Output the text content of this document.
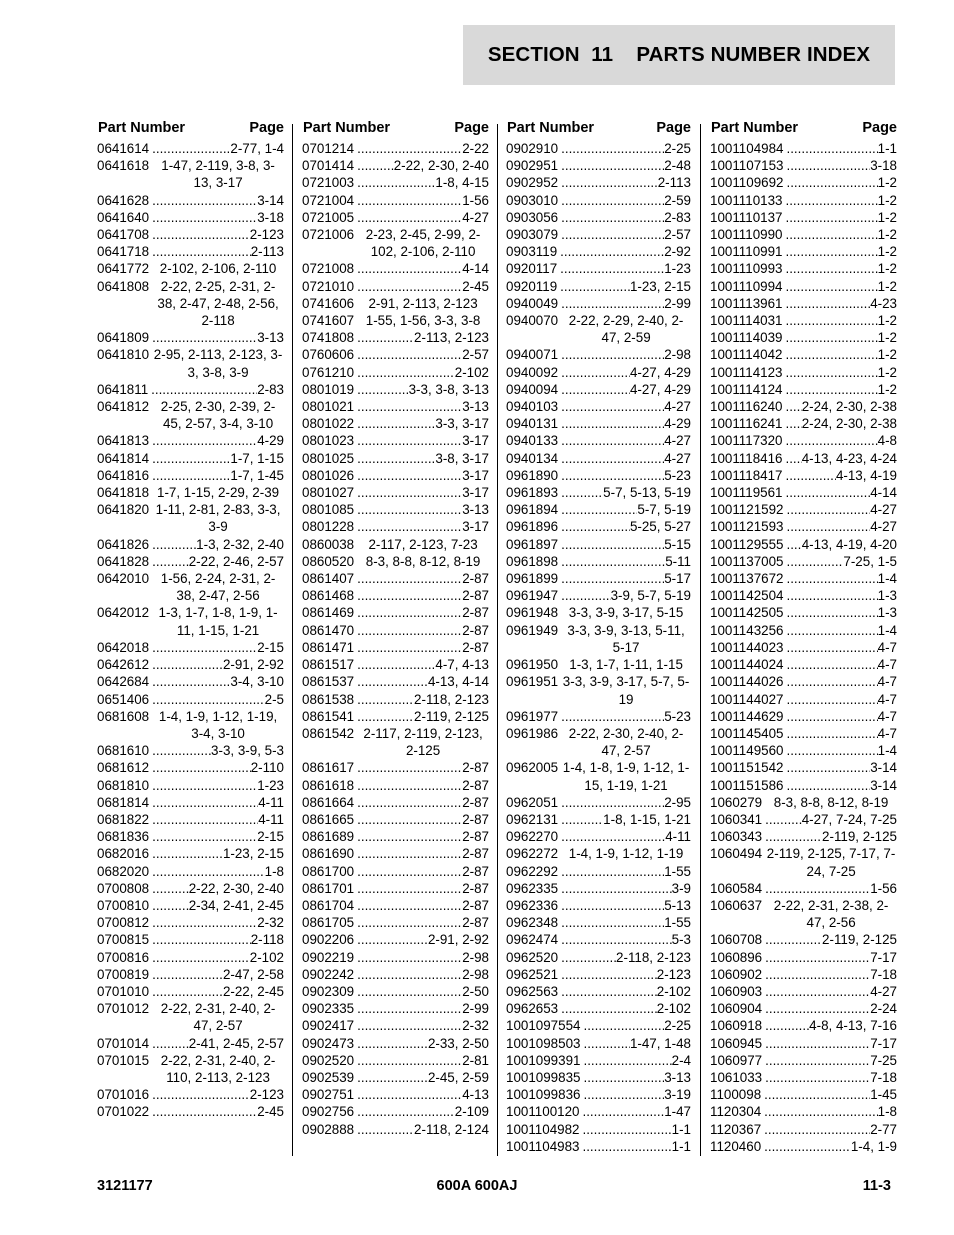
SECTION  11    PARTS NUMBER INDEX
Part Number	Page
0641614 .....	2-77, 1-4
0641618 1-47, 2-119, 3-8, 3-13, 3-17
0641628 .....	3-14
0641640 .....	3-18
0641708 .....	2-123
0641718 .....	2-113
0641772 2-102, 2-106, 2-110
0641808 2-22, 2-25, 2-31, 2-38, 2-47, 2-48, 2-56, 2-118
0641809 .....	3-13
0641810 2-95, 2-113, 2-123, 3-3, 3-8, 3-9
0641811 .....	2-83
0641812 2-25, 2-30, 2-39, 2-45, 2-57, 3-4, 3-10
0641813 .....	4-29
0641814 .....	1-7, 1-15
0641816 .....	1-7, 1-45
0641818 1-7, 1-15, 2-29, 2-39
0641820 1-11, 2-81, 2-83, 3-3, 3-9
0641826 .....	1-3, 2-32, 2-40
0641828 .....	2-22, 2-46, 2-57
0642010 1-56, 2-24, 2-31, 2-38, 2-47, 2-56
0642012 1-3, 1-7, 1-8, 1-9, 1-11, 1-15, 1-21
0642018 .....	2-15
0642612 .....	2-91, 2-92
0642684 .....	3-4, 3-10
0651406 .....	2-5
0681608 1-4, 1-9, 1-12, 1-19, 3-4, 3-10
0681610 .....	3-3, 3-9, 5-3
0681612 .....	2-110
0681810 .....	1-23
0681814 .....	4-11
0681822 .....	4-11
0681836 .....	2-15
0682016 .....	1-23, 2-15
0682020 .....	1-8
0700808 .....	2-22, 2-30, 2-40
0700810 .....	2-34, 2-41, 2-45
0700812 .....	2-32
0700815 .....	2-118
0700816 .....	2-102
0700819 .....	2-47, 2-58
0701010 .....	2-22, 2-45
0701012 2-22, 2-31, 2-40, 2-47, 2-57
0701014 .....	2-41, 2-45, 2-57
0701015 2-22, 2-31, 2-40, 2-110, 2-113, 2-123
0701016 .....	2-123
0701022 .....	2-45
Part Number	Page
0701214 .....	2-22
0701414 .....	2-22, 2-30, 2-40
0721003 .....	1-8, 4-15
0721004 .....	1-56
0721005 .....	4-27
0721006 2-23, 2-45, 2-99, 2-102, 2-106, 2-110
0721008 .....	4-14
0721010 .....	2-45
0741606	2-91, 2-113, 2-123
0741607 1-55, 1-56, 3-3, 3-8
0741808 .....	2-113, 2-123
0760606 .....	2-57
0761210 .....	2-102
0801019 .....	3-3, 3-8, 3-13
0801021 .....	3-13
0801022 .....	3-3, 3-17
0801023 .....	3-17
0801025 .....	3-8, 3-17
0801026 .....	3-17
0801027 .....	3-17
0801085 .....	3-13
0801228 .....	3-17
0860038	2-117, 2-123, 7-23
0860520 8-3, 8-8, 8-12, 8-19
0861407 .....	2-87
0861468 .....	2-87
0861469 .....	2-87
0861470 .....	2-87
0861471 .....	2-87
0861517 .....	4-7, 4-13
0861537 .....	4-13, 4-14
0861538 .....	2-118, 2-123
0861541 .....	2-119, 2-125
0861542 2-117, 2-119, 2-123, 2-125
0861617 .....	2-87
0861618 .....	2-87
0861664 .....	2-87
0861665 .....	2-87
0861689 .....	2-87
0861690 .....	2-87
0861700 .....	2-87
0861701 .....	2-87
0861704 .....	2-87
0861705 .....	2-87
0902206 .....	2-91, 2-92
0902219 .....	2-98
0902242 .....	2-98
0902309 .....	2-50
0902335 .....	2-99
0902417 .....	2-32
0902473 .....	2-33, 2-50
0902520 .....	2-81
0902539 .....	2-45, 2-59
0902751 .....	4-13
0902756 .....	2-109
0902888 .....	2-118, 2-124
Part Number	Page
0902910 .....	2-25
0902951 .....	2-48
0902952 .....	2-113
0903010 .....	2-59
0903056 .....	2-83
0903079 .....	2-57
0903119 .....	2-92
0920117 .....	1-23
0920119 .....	1-23, 2-15
0940049 .....	2-99
0940070 2-22, 2-29, 2-40, 2-47, 2-59
0940071 .....	2-98
0940092 .....	4-27, 4-29
0940094 .....	4-27, 4-29
0940103 .....	4-27
0940131 .....	4-29
0940133 .....	4-27
0940134 .....	4-27
0961890 .....	5-23
0961893 .....	5-7, 5-13, 5-19
0961894 .....	5-7, 5-19
0961896 .....	5-25, 5-27
0961897 .....	5-15
0961898 .....	5-11
0961899 .....	5-17
0961947 .....	3-9, 5-7, 5-19
0961948 3-3, 3-9, 3-17, 5-15
0961949 3-3, 3-9, 3-13, 5-11, 5-17
0961950 1-3, 1-7, 1-11, 1-15
0961951 3-3, 3-9, 3-17, 5-7, 5-19
0961977 .....	5-23
0961986 2-22, 2-30, 2-40, 2-47, 2-57
0962005 1-4, 1-8, 1-9, 1-12, 1-15, 1-19, 1-21
0962051 .....	2-95
0962131 .....	1-8, 1-15, 1-21
0962270 .....	4-11
0962272 1-4, 1-9, 1-12, 1-19
0962292 .....	1-55
0962335 .....	3-9
0962336 .....	5-13
0962348 .....	1-55
0962474 .....	5-3
0962520 .....	2-118, 2-123
0962521 .....	2-123
0962563 .....	2-102
0962653 .....	2-102
1001097554 .....	2-25
1001098503 .....	1-47, 1-48
1001099391 .....	2-4
1001099835 .....	3-13
1001099836 .....	3-19
1001100120 .....	1-47
1001104982 .....	1-1
1001104983 .....	1-1
Part Number	Page
1001104984 .....	1-1
1001107153 .....	3-18
1001109692 .....	1-2
1001110133 .....	1-2
1001110137 .....	1-2
1001110990 .....	1-2
1001110991 .....	1-2
1001110993 .....	1-2
1001110994 .....	1-2
1001113961 .....	4-23
1001114031 .....	1-2
1001114039 .....	1-2
1001114042 .....	1-2
1001114123 .....	1-2
1001114124 .....	1-2
1001116240 ..... 2-24, 2-30, 2-38
1001116241 ..... 2-24, 2-30, 2-38
1001117320 .....	4-8
1001118416 ..... 4-13, 4-23, 4-24
1001118417 .....	4-13, 4-19
1001119561 .....	4-14
1001121592 .....	4-27
1001121593 .....	4-27
1001129555 ..... 4-13, 4-19, 4-20
1001137005 .....	7-25, 1-5
1001137672 .....	1-4
1001142504 .....	1-3
1001142505 .....	1-3
1001143256 .....	1-4
1001144023 .....	4-7
1001144024 .....	4-7
1001144026 .....	4-7
1001144027 .....	4-7
1001144629 .....	4-7
1001145405 .....	4-7
1001149560 .....	1-4
1001151542 .....	3-14
1001151586 .....	3-14
1060279 8-3, 8-8, 8-12, 8-19
1060341 .....	4-27, 7-24, 7-25
1060343 .....	2-119, 2-125
1060494 2-119, 2-125, 7-17, 7-24, 7-25
1060584 .....	1-56
1060637 2-22, 2-31, 2-38, 2-47, 2-56
1060708 .....	2-119, 2-125
1060896 .....	7-17
1060902 .....	7-18
1060903 .....	4-27
1060904 .....	2-24
1060918 .....	4-8, 4-13, 7-16
1060945 .....	7-17
1060977 .....	7-25
1061033 .....	7-18
1100098 .....	1-45
1120304 .....	1-8
1120367 .....	2-77
1120460 .....	1-4, 1-9
3121177	600A 600AJ	11-3
